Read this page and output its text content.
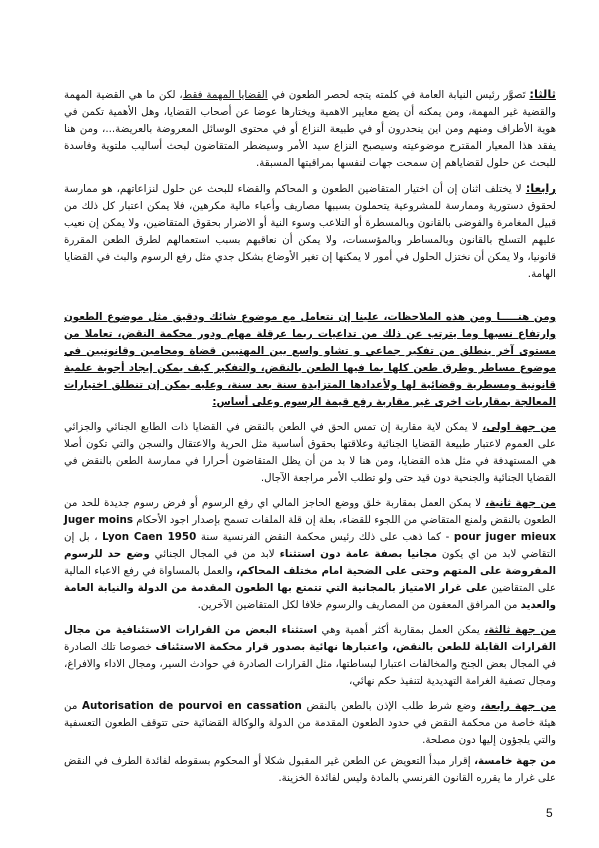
ثالثا: تَصوَّر رئيس النيابة العامة في كلمته يتجه لحصر الطعون في القضايا المهمة فقط، لكن ما هي القضية المهمة والقضية غير المهمة، ومن يمكنه أن يضع معايير الاهمية ويختارها عوضا عن أصحاب القضايا، وهل الأهمية تكمن في هوية الأطراف ومنهم ومن اين ينحدرون أو في طبيعة النزاع أو في محتوى الوسائل المعروضة بالعريضة...، ومن هنا يفقد هذا المعيار المقترح موضوعيته وسيصبح النزاع سيد الأمر وسيضطر المتقاضون لبحث أساليب ملتوية وفاسدة للبحث عن حلول لقضاياهم إن سمحت جهات لنفسها بمراقبتها المسبقة.

رابعا: لا يختلف اثنان إن أن اختيار المتقاضين الطعون و المحاكم والقضاء للبحث عن حلول لنزاعاتهم، هو ممارسة لحقوق دستورية وممارسة للمشروعية يتحملون بسببها مصاريف وأعباء مالية مكرهين، فلا يمكن اعتبار كل ذلك من قبيل المغامرة والفوضى بالقانون وبالمسطرة أو التلاعب وسوء النية أو الاضرار بحقوق المتقاضين، ولا يمكن إن نعيب عليهم التسلح بالقانون وبالمساطر وبالمؤسسات، ولا يمكن أن نعاقبهم بسبب استعمالهم لطرق الطعن المقررة قانونيا، ولا يمكن أن نختزل الحلول في أمور لا يمكنها إن تغير الأوضاع بشكل جدي مثل رفع الرسوم والبث في القضايا الهامة.

ومن هنـــــا ومن هذه الملاحظات، علينا إن نتعامل مع موضوع شائك ودقيق مثل موضوع الطعون وارتفاع نسبها وما يترتب عن ذلك من تداعيات ربما عرقلة مهام ودور محكمة النقض، تعاملا من مستوى آخر ينطلق من تفكير جماعي و تشاو واسع بين المهنيين قضاة ومحامين وقانونيين في موضوع مساطر وطرق طعن كلها بما فيها الطعن بالنقض، والتفكير كيف يمكن إيجاد أجوبة علمية قانونية ومسطرية وقضائية لها ولأعدادها المتزايدة سنة بعد سنة، وعليه يمكن إن تنطلق اختيارات المعالجة بمقاربات اخرى غير مقاربة رفع قيمة الرسوم وعلى أساس:

من جهة اولى، لا يمكن لاية مقاربة إن تمس الحق في الطعن بالنقض في القضايا ذات الطابع الجنائي والجزائي على العموم لاعتبار طبيعة القضايا الجنائية وعلاقتها بحقوق أساسية مثل الحرية والاعتقال والسجن والتي تكون أصلا هي المستهدفة في مثل هذه القضايا، ومن هنا لا بد من أن يظل المتقاضون أحرارا في ممارسة الطعن بالنقض في القضايا الجنائية والجنحية دون قيد حتى ولو تطلب الأمر مراجعة الآجال.

من جهة ثانية، لا يمكن العمل بمقاربة خلق ووضع الحاجز المالي اي رفع الرسوم أو فرض رسوم جديدة للحد من الطعون بالنقض ولمنع المتقاضي من اللجوء للقضاء، بعلة إن قلة الملفات تسمح بإصدار اجود الأحكام Juger moins pour juger mieux - كما ذهب على ذلك رئيس محكمة النقض الفرنسية سنة Lyon Caen 1950 ، بل إن التقاضي لابد من اي يكون مجانيا بصفة عامة دون استثناء لابد من في المجال الجنائي وضع حد للرسوم المفروضة على المتهم وحتى على الضحية امام مختلف المحاكم، والعمل بالمساواة في رفع الاعباء المالية على المتقاضين على غرار الامتياز بالمجانية التي تتمتع بها الطعون المقدمة من الدولة والنيابة العامة والعديد من المرافق المعفون من المصاريف والرسوم خلافا لكل المتقاضين الآخرين.

من جهة ثالثة، يمكن العمل بمقاربة أكثر أهمية وهي استثناء البعض من القرارات الاستئنافية من مجال القرارات القابلة للطعن بالنقض، واعتبارها نهائية بصدور قرار محكمة الاستئناف خصوصا تلك الصادرة في المجال بعض الجنح والمخالفات اعتبارا لبساطتها، مثل القرارات الصادرة في حوادث السير، ومجال الاداء والافراغ، ومجال تصفية الغرامة التهديدية لتنفيذ حكم نهائي،

من جهة رابعة، وضع شرط طلب الإذن بالطعن بالنقض Autorisation de pourvoi en cassation من هيئة خاصة من محكمة النقض في حدود الطعون المقدمة من الدولة والوكالة القضائية حتى تتوقف الطعون التعسفية والتي يلجؤون إليها دون مصلحة.

من جهة خامسة، إقرار مبدأ التعويض عن الطعن غير المقبول شكلا أو المحكوم بسقوطه لفائدة الطرف في النقض على غرار ما يقرره القانون الفرنسي بالمادة وليس لفائدة الخزينة.

5
